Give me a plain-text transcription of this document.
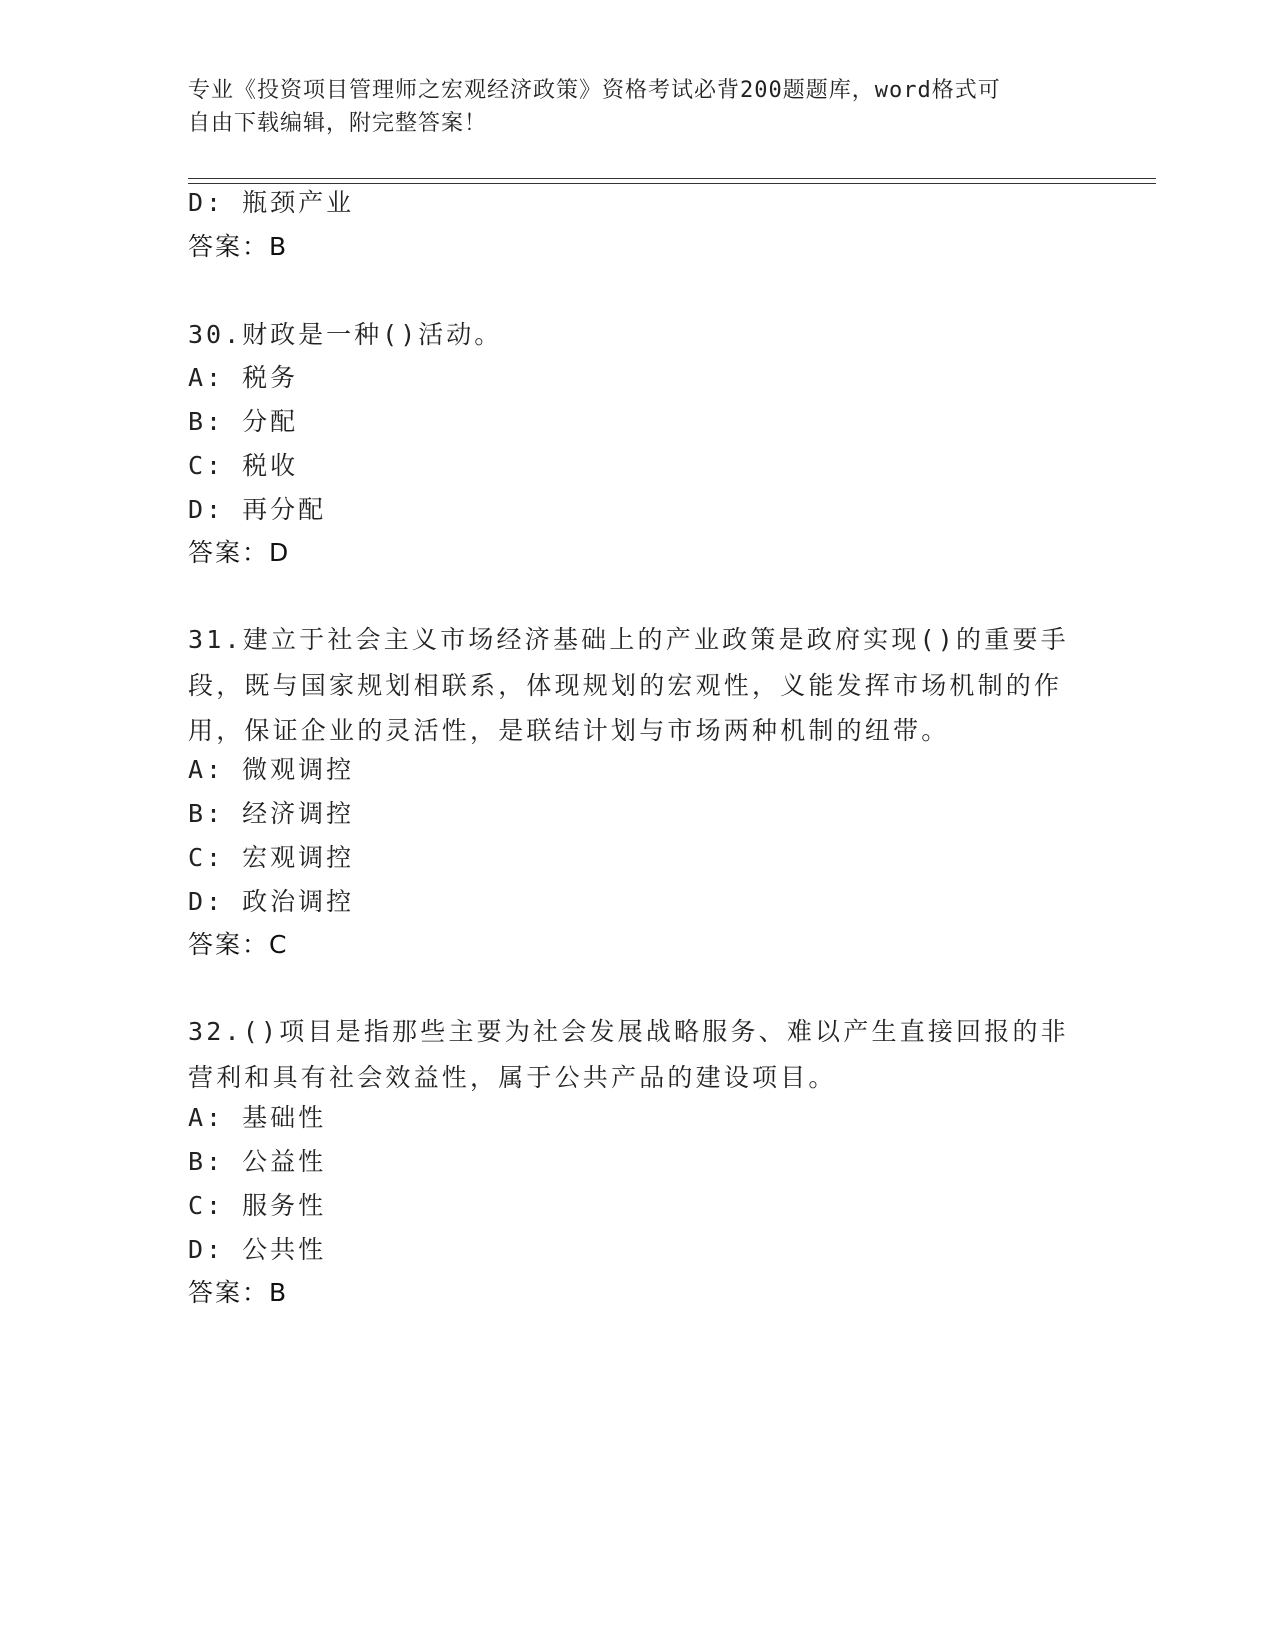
专业《投资项目管理师之宏观经济政策》资格考试必背200题题库，word格式可
自由下载编辑，附完整答案！
D: 瓶颈产业
答案：B
30.财政是一种()活动。
A: 税务
B: 分配
C: 税收
D: 再分配
答案：D
31.建立于社会主义市场经济基础上的产业政策是政府实现()的重要手段，既与国家规划相联系，体现规划的宏观性，义能发挥市场机制的作用，保证企业的灵活性，是联结计划与市场两种机制的纽带。
A: 微观调控
B: 经济调控
C: 宏观调控
D: 政治调控
答案：C
32.()项目是指那些主要为社会发展战略服务、难以产生直接回报的非营利和具有社会效益性，属于公共产品的建设项目。
A: 基础性
B: 公益性
C: 服务性
D: 公共性
答案：B
